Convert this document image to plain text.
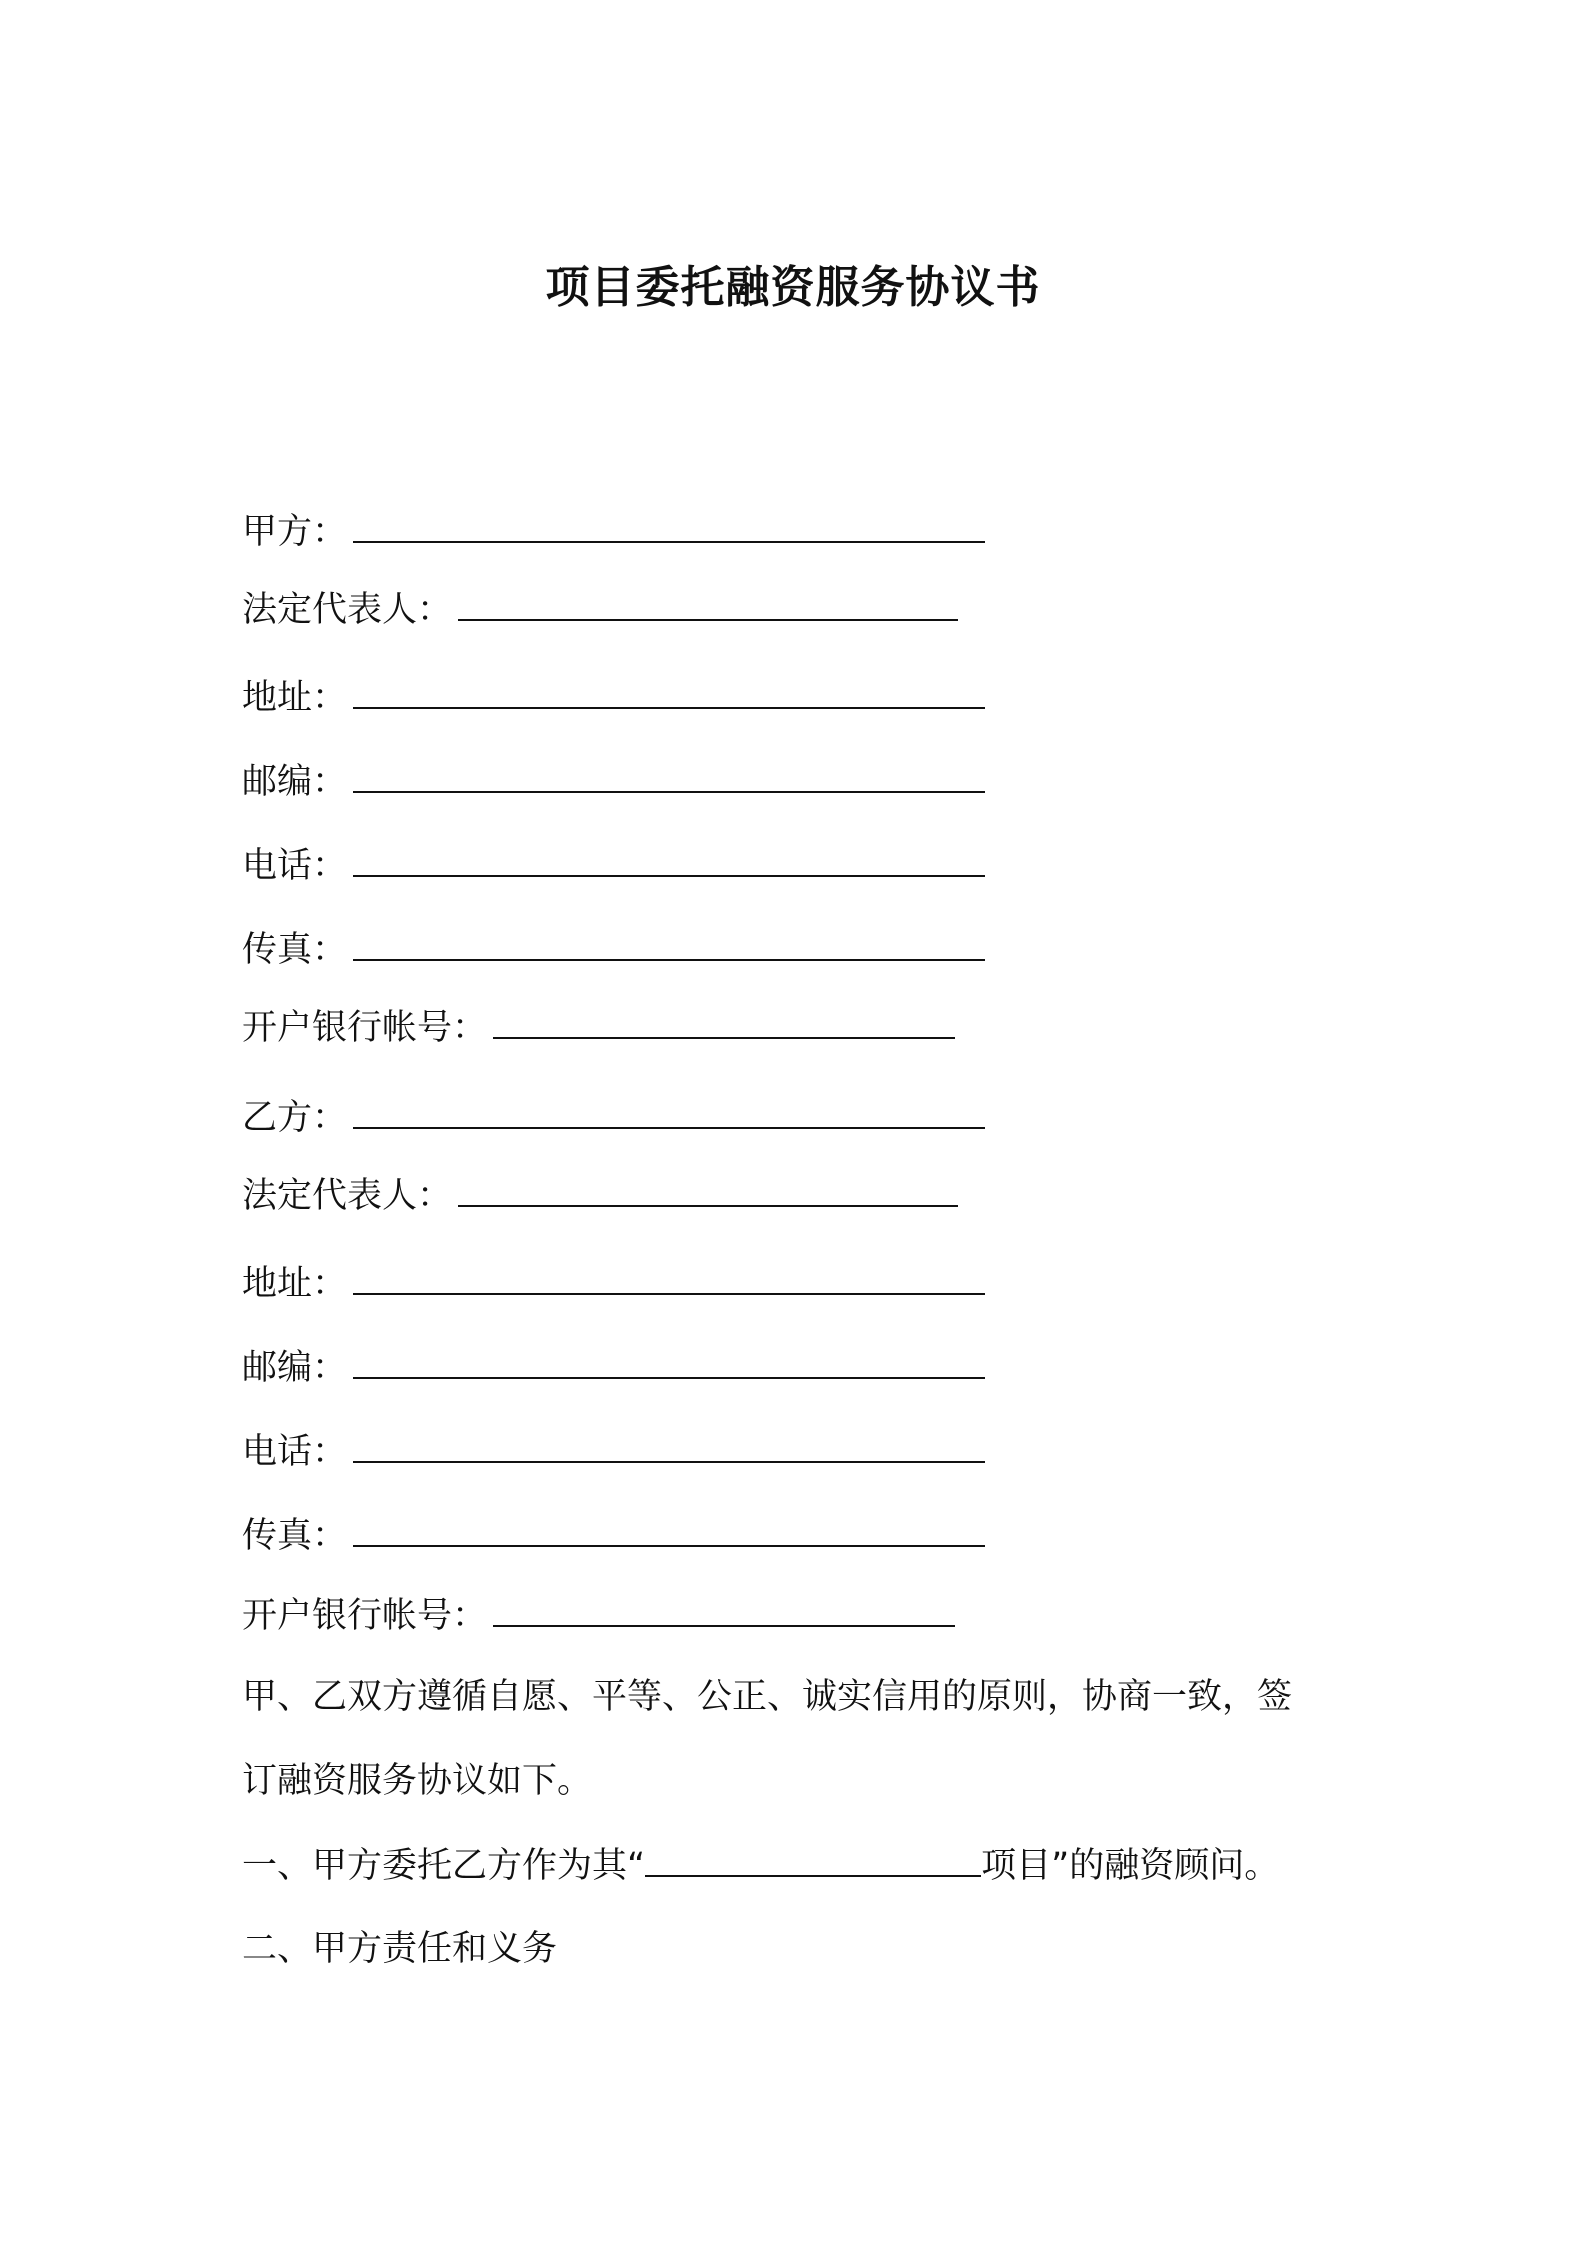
项目委托融资服务协议书
甲方：
法定代表人：
地址：
邮编：
电话：
传真：
开户银行帐号：
乙方：
法定代表人：
地址：
邮编：
电话：
传真：
开户银行帐号：
甲、乙双方遵循自愿、平等、公正、诚实信用的原则，协商一致，签
订融资服务协议如下。
一、甲方委托乙方作为其“	项目”的融资顾问。
二、甲方责任和义务
